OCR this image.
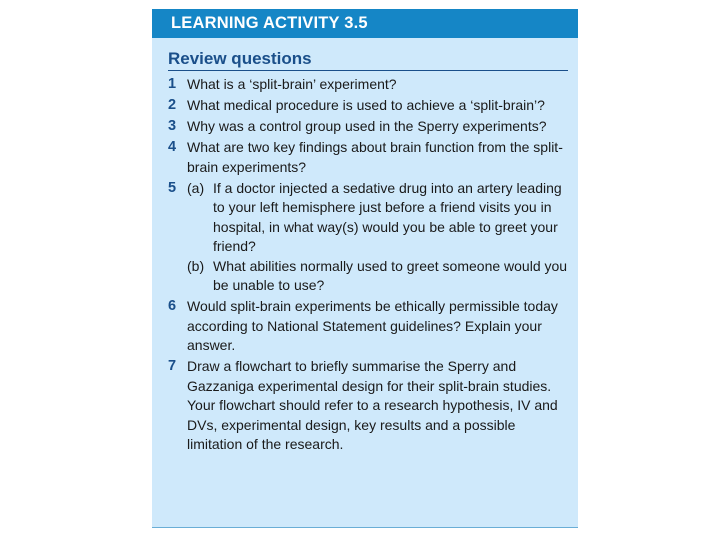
LEARNING ACTIVITY 3.5
Review questions
1 What is a ‘split-brain’ experiment?
2 What medical procedure is used to achieve a ‘split-brain’?
3 Why was a control group used in the Sperry experiments?
4 What are two key findings about brain function from the split-brain experiments?
5 (a) If a doctor injected a sedative drug into an artery leading to your left hemisphere just before a friend visits you in hospital, in what way(s) would you be able to greet your friend?
(b) What abilities normally used to greet someone would you be unable to use?
6 Would split-brain experiments be ethically permissible today according to National Statement guidelines? Explain your answer.
7 Draw a flowchart to briefly summarise the Sperry and Gazzaniga experimental design for their split-brain studies. Your flowchart should refer to a research hypothesis, IV and DVs, experimental design, key results and a possible limitation of the research.
